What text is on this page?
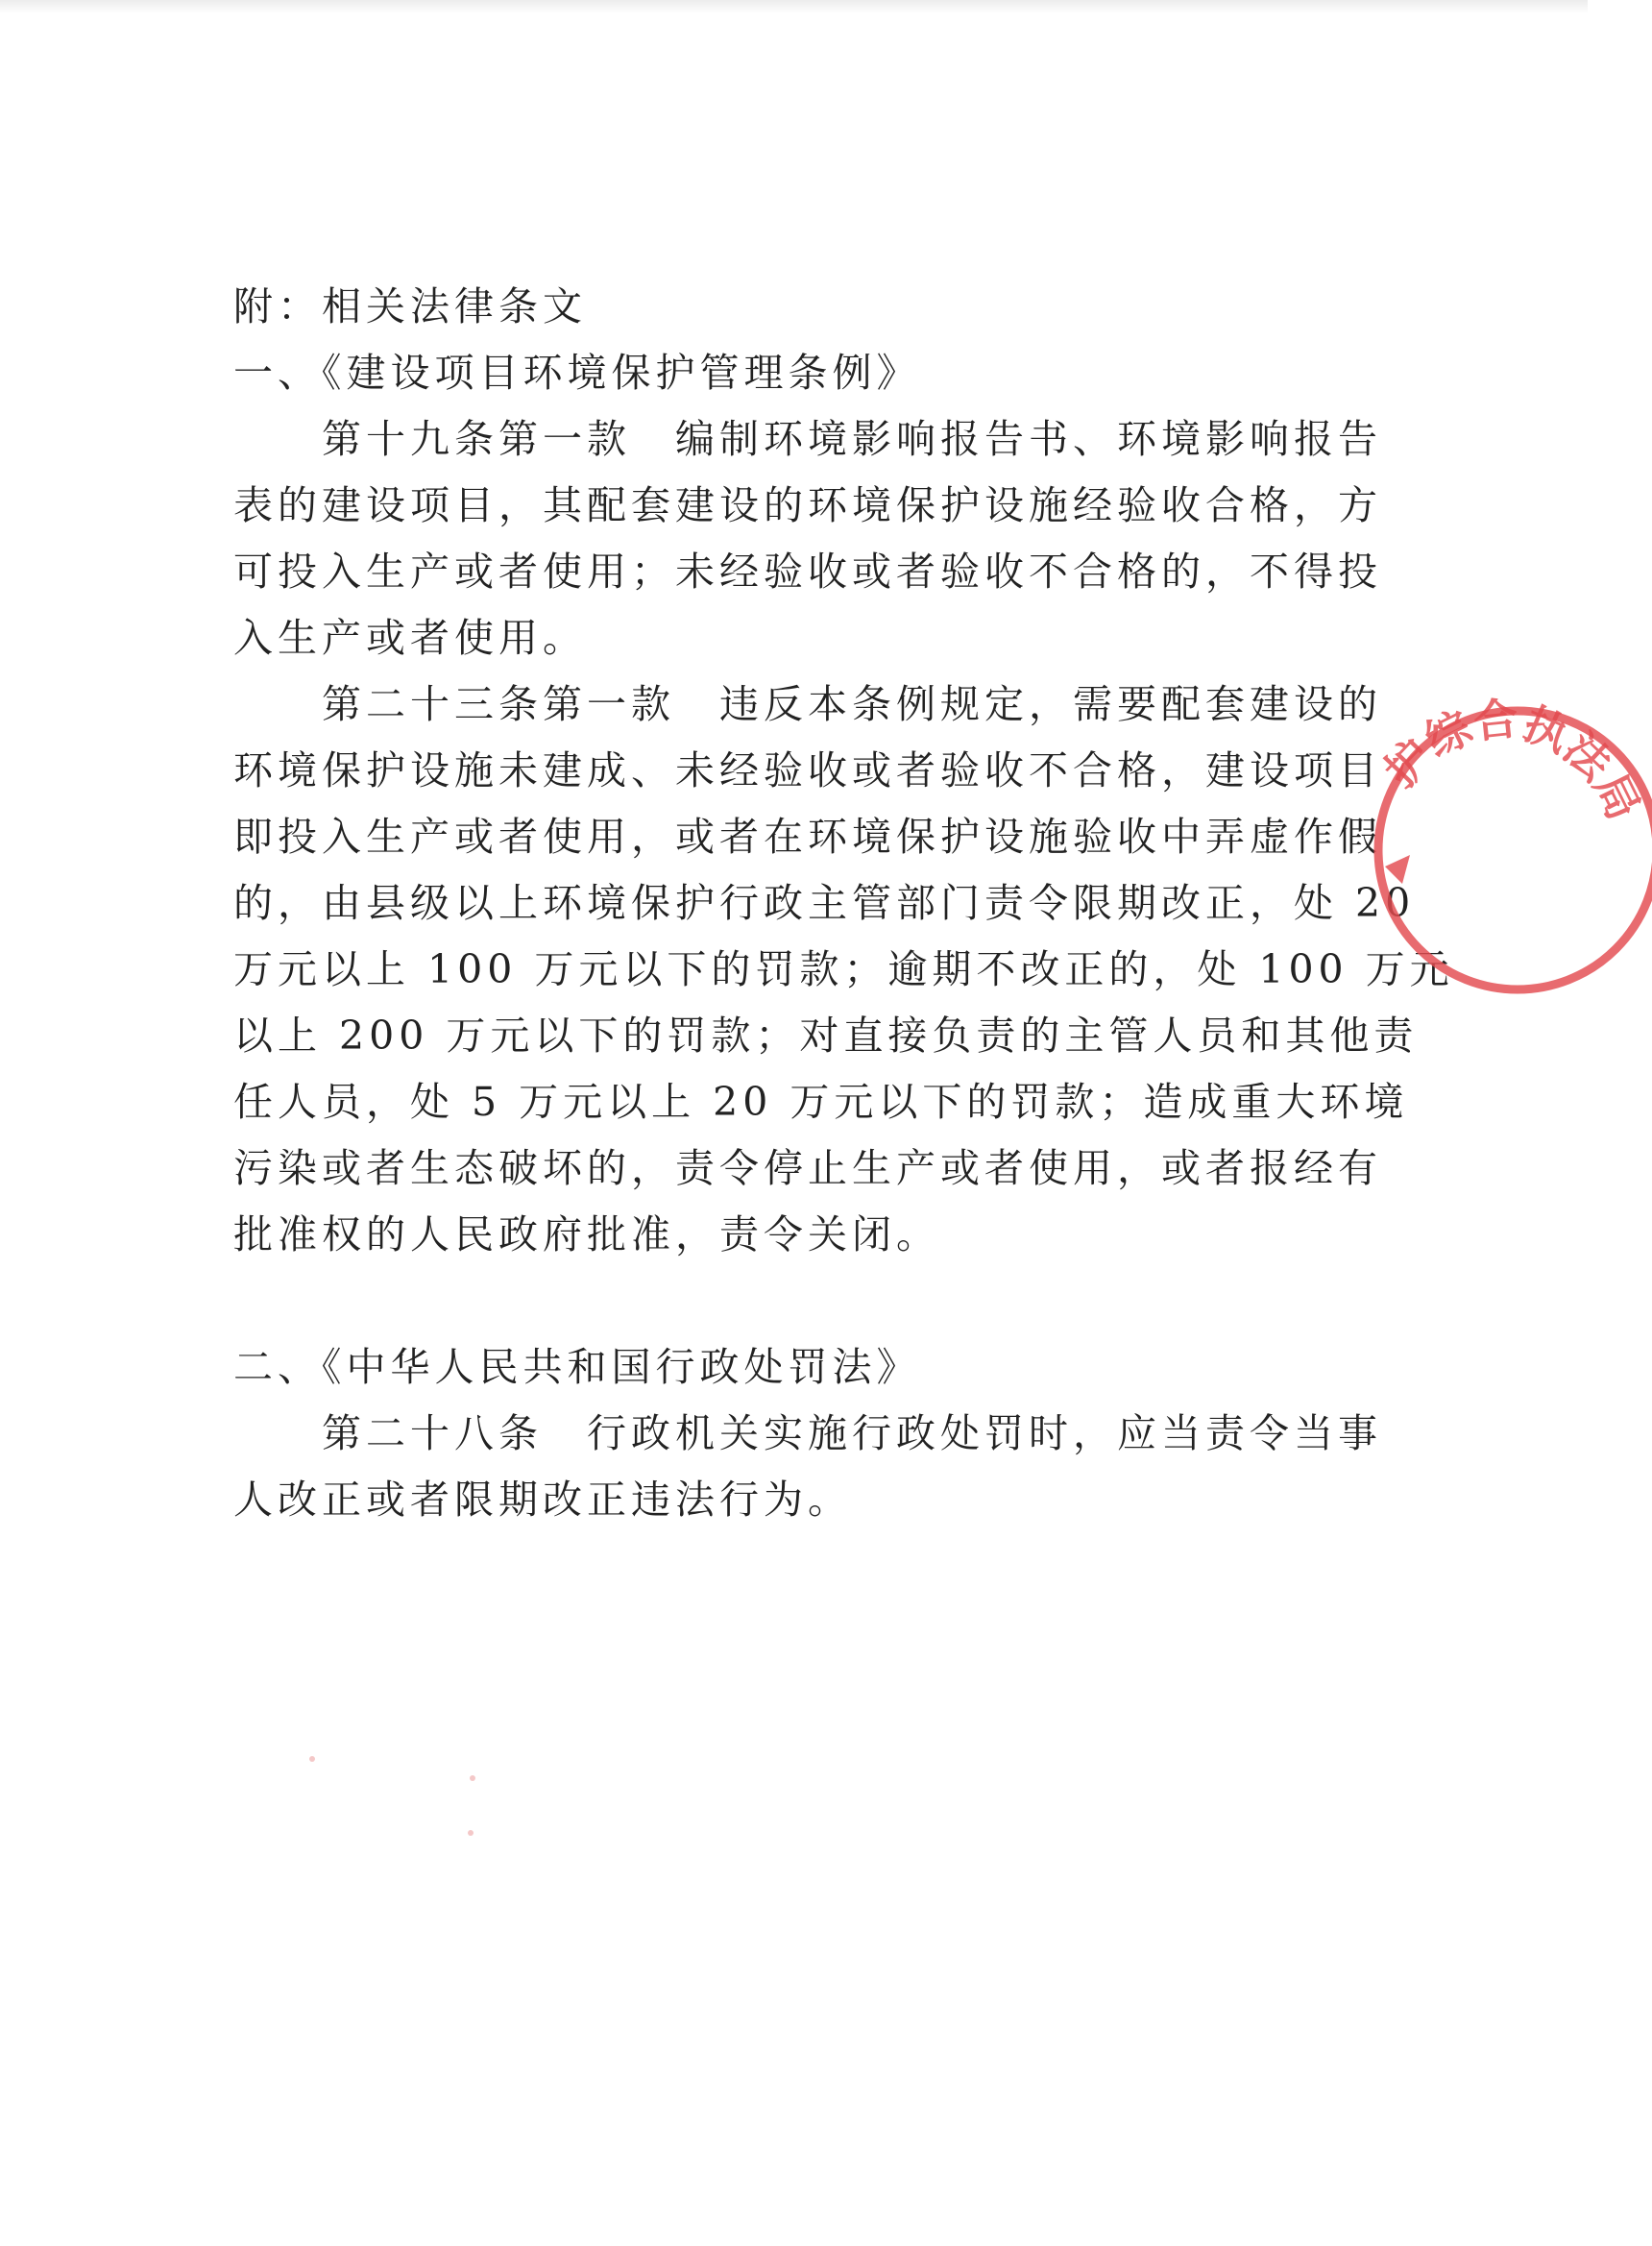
附：相关法律条文
一、《建设项目环境保护管理条例》
第十九条第一款　编制环境影响报告书、环境影响报告
表的建设项目，其配套建设的环境保护设施经验收合格，方
可投入生产或者使用；未经验收或者验收不合格的，不得投
入生产或者使用。
第二十三条第一款　违反本条例规定，需要配套建设的
环境保护设施未建成、未经验收或者验收不合格，建设项目
即投入生产或者使用，或者在环境保护设施验收中弄虚作假
的，由县级以上环境保护行政主管部门责令限期改正，处 20
万元以上 100 万元以下的罚款；逾期不改正的，处 100 万元
以上 200 万元以下的罚款；对直接负责的主管人员和其他责
任人员，处 5 万元以上 20 万元以下的罚款；造成重大环境
污染或者生态破坏的，责令停止生产或者使用，或者报经有
批准权的人民政府批准，责令关闭。
二、《中华人民共和国行政处罚法》
第二十八条　行政机关实施行政处罚时，应当责令当事
人改正或者限期改正违法行为。
护综合执法局
